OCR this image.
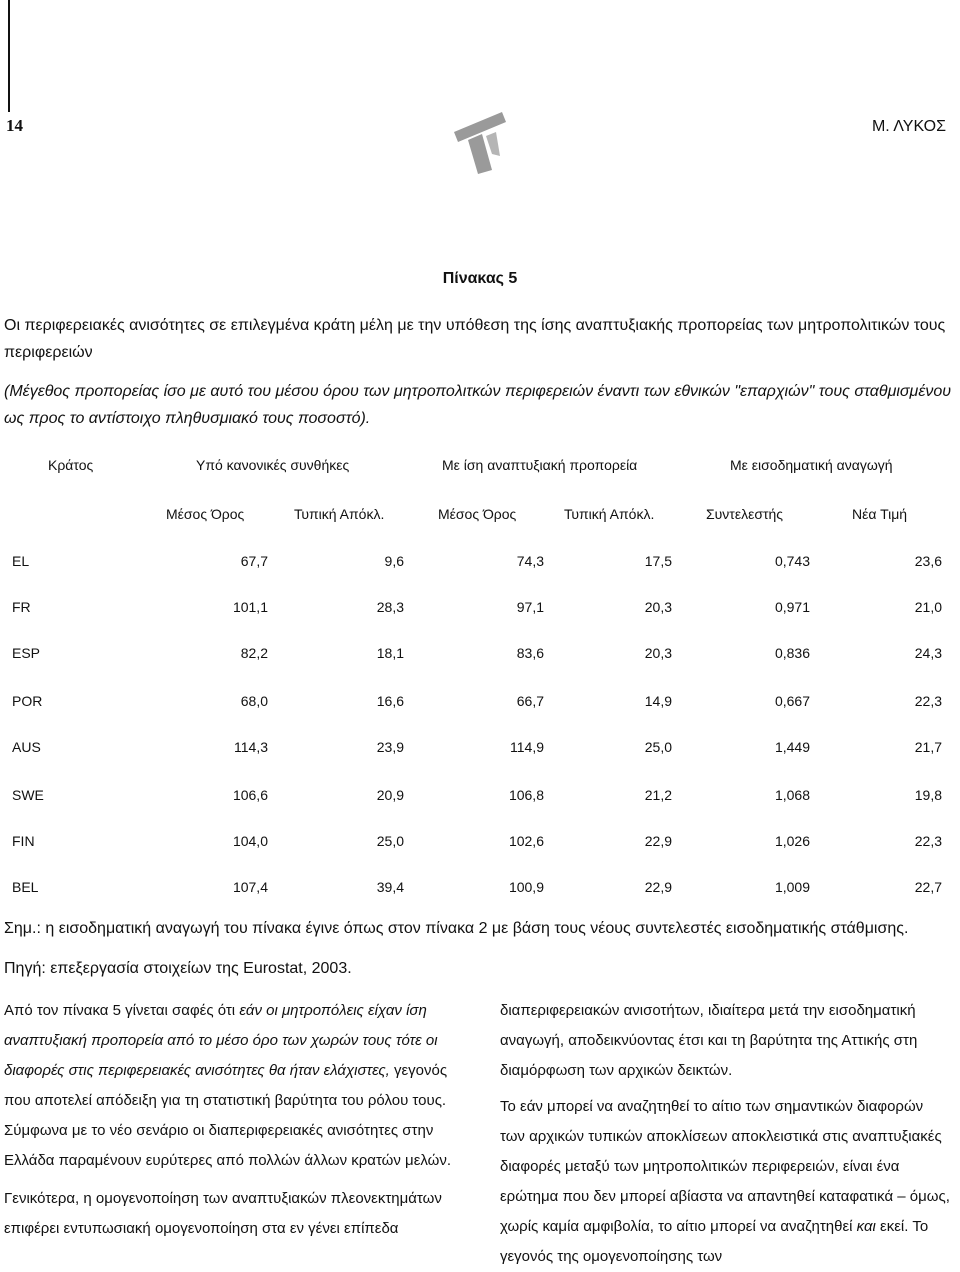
14	Μ. ΛΥΚΟΣ
Πίνακας 5
Οι περιφερειακές ανισότητες σε επιλεγμένα κράτη μέλη με την υπόθεση της ίσης αναπτυξιακής προπορείας των μητροπολιτικών τους περιφερειών
(Μέγεθος προπορείας ίσο με αυτό του μέσου όρου των μητροπολιτκών περιφερειών έναντι των εθνικών "επαρχιών" τους σταθμισμένου ως προς το αντίστοιχο πληθυσμιακό τους ποσοστό).
Κράτος	Υπό κανονικές συνθήκες	Με ίση αναπτυξιακή προπορεία	Με εισοδηματική αναγωγή
Μέσος Όρος	Τυπική Απόκλ.	Μέσος Όρος	Τυπική Απόκλ.	Συντελεστής	Νέα Τιμή
EL	67,7	9,6	74,3	17,5	0,743	23,6
FR	101,1	28,3	97,1	20,3	0,971	21,0
ESP	82,2	18,1	83,6	20,3	0,836	24,3
POR	68,0	16,6	66,7	14,9	0,667	22,3
AUS	114,3	23,9	114,9	25,0	1,449	21,7
SWE	106,6	20,9	106,8	21,2	1,068	19,8
FIN	104,0	25,0	102,6	22,9	1,026	22,3
BEL	107,4	39,4	100,9	22,9	1,009	22,7
Σημ.: η εισοδηματική αναγωγή του πίνακα έγινε όπως στον πίνακα 2 με βάση τους νέους συντελεστές εισοδηματικής στάθμισης.
Πηγή: επεξεργασία στοιχείων της Eurostat, 2003.

Από τον πίνακα 5 γίνεται σαφές ότι εάν οι μητροπόλεις είχαν ίση αναπτυξιακή προπορεία από το μέσο όρο των χωρών τους τότε οι διαφορές στις περιφερειακές ανισότητες θα ήταν ελάχιστες, γεγονός που αποτελεί απόδειξη για τη στατιστική βαρύτητα του ρόλου τους. Σύμφωνα με το νέο σενάριο οι διαπεριφερειακές ανισότητες στην Ελλάδα παραμένουν ευρύτερες από πολλών άλλων κρατών μελών.

Γενικότερα, η ομογενοποίηση των αναπτυξιακών πλεονεκτημάτων επιφέρει εντυπωσιακή ομογενοποίηση στα εν γένει επίπεδα

διαπεριφερειακών ανισοτήτων, ιδιαίτερα μετά την εισοδηματική αναγωγή, αποδεικνύοντας έτσι και τη βαρύτητα της Αττικής στη διαμόρφωση των αρχικών δεικτών.

Το εάν μπορεί να αναζητηθεί το αίτιο των σημαντικών διαφορών των αρχικών τυπικών αποκλίσεων αποκλειστικά στις αναπτυξιακές διαφορές μεταξύ των μητροπολιτικών περιφερειών, είναι ένα ερώτημα που δεν μπορεί αβίαστα να απαντηθεί καταφατικά – όμως, χωρίς καμία αμφιβολία, το αίτιο μπορεί να αναζητηθεί και εκεί. Το γεγονός της ομογενοποίησης των
